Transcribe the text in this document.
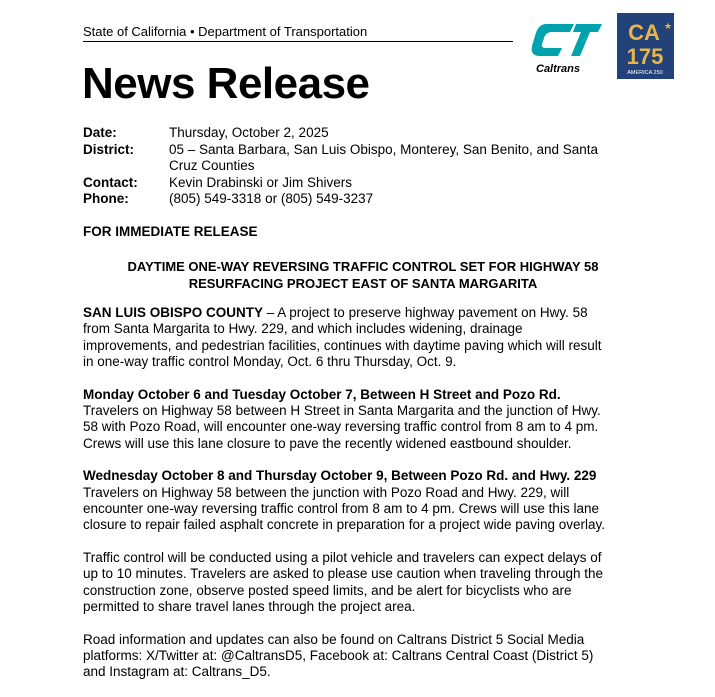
State of California • Department of Transportation
News Release	Caltrans
CA ★
175
AMERICA 250
Date:	Thursday, October 2, 2025
District:	05 – Santa Barbara, San Luis Obispo, Monterey, San Benito, and Santa
Cruz Counties
Contact:	Kevin Drabinski or Jim Shivers
Phone:	(805) 549-3318 or (805) 549-3237
FOR IMMEDIATE RELEASE
DAYTIME ONE-WAY REVERSING TRAFFIC CONTROL SET FOR HIGHWAY 58
RESURFACING PROJECT EAST OF SANTA MARGARITA
SAN LUIS OBISPO COUNTY – A project to preserve highway pavement on Hwy. 58
from Santa Margarita to Hwy. 229, and which includes widening, drainage
improvements, and pedestrian facilities, continues with daytime paving which will result
in one-way traffic control Monday, Oct. 6 thru Thursday, Oct. 9.
Monday October 6 and Tuesday October 7, Between H Street and Pozo Rd.
Travelers on Highway 58 between H Street in Santa Margarita and the junction of Hwy.
58 with Pozo Road, will encounter one-way reversing traffic control from 8 am to 4 pm.
Crews will use this lane closure to pave the recently widened eastbound shoulder.
Wednesday October 8 and Thursday October 9, Between Pozo Rd. and Hwy. 229
Travelers on Highway 58 between the junction with Pozo Road and Hwy. 229, will
encounter one-way reversing traffic control from 8 am to 4 pm. Crews will use this lane
closure to repair failed asphalt concrete in preparation for a project wide paving overlay.
Traffic control will be conducted using a pilot vehicle and travelers can expect delays of
up to 10 minutes. Travelers are asked to please use caution when traveling through the
construction zone, observe posted speed limits, and be alert for bicyclists who are
permitted to share travel lanes through the project area.
Road information and updates can also be found on Caltrans District 5 Social Media
platforms: X/Twitter at: @CaltransD5, Facebook at: Caltrans Central Coast (District 5)
and Instagram at: Caltrans_D5.
